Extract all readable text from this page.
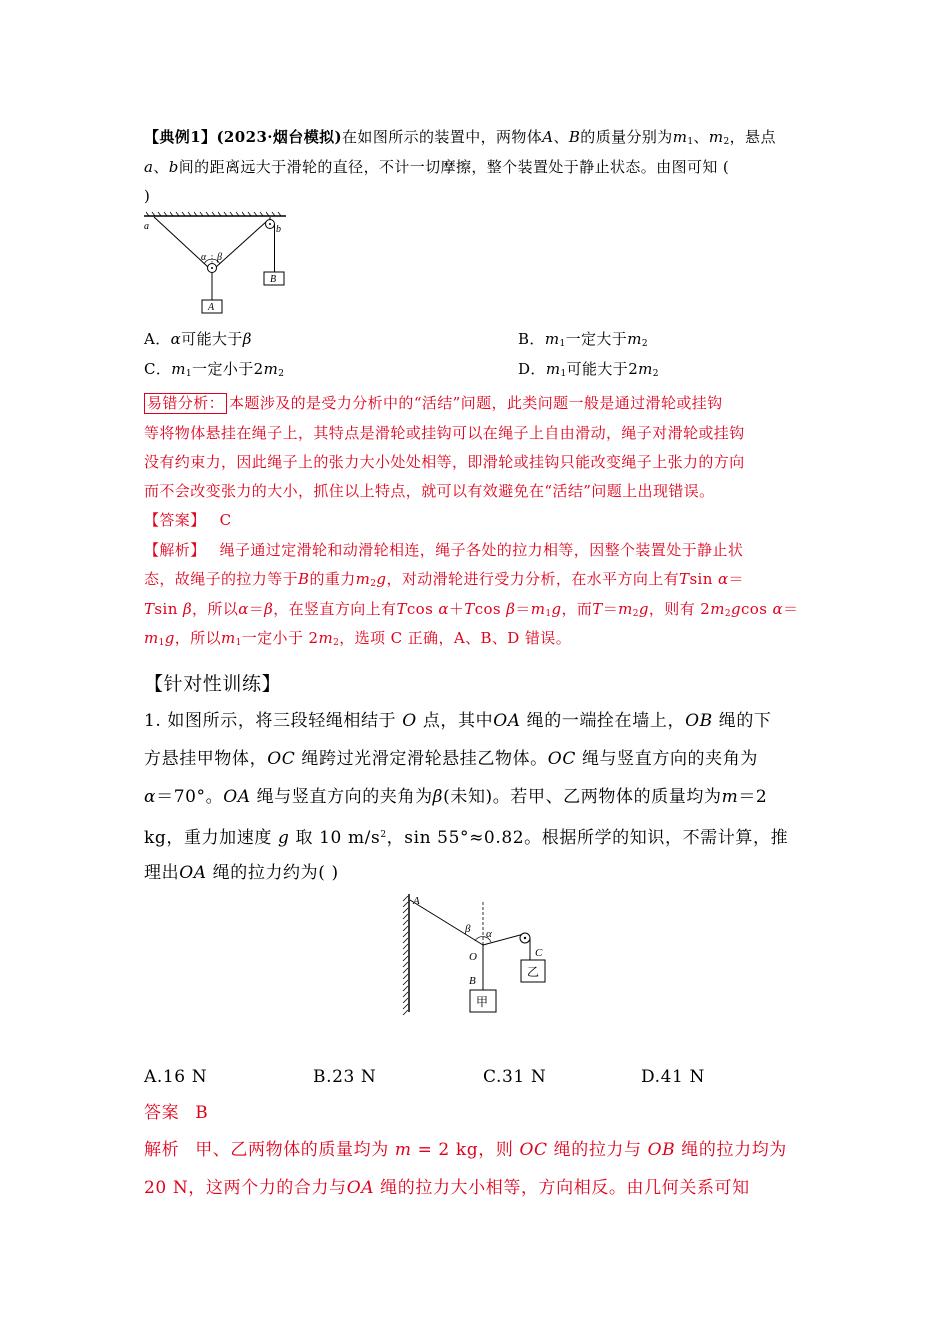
【典例1】(2023·烟台模拟)在如图所示的装置中，两物体A、B的质量分别为$m_1$、$m_2$，悬点
a、b间的距离远大于滑轮的直径，不计一切摩擦，整个装置处于静止状态。由图可知 (
)
a	b
α β
A
B
A．α可能大于β	B．$m_1$一定大于$m_2$
C．$m_1$一定小于$2m_2$	D．$m_1$可能大于$2m_2$
易错分析： 本题涉及的是受力分析中的“活结”问题，此类问题一般是通过滑轮或挂钩
等将物体悬挂在绳子上，其特点是滑轮或挂钩可以在绳子上自由滑动，绳子对滑轮或挂钩
没有约束力，因此绳子上的张力大小处处相等，即滑轮或挂钩只能改变绳子上张力的方向
而不会改变张力的大小，抓住以上特点，就可以有效避免在“活结”问题上出现错误。
【答案】 C
【解析】 绳子通过定滑轮和动滑轮相连，绳子各处的拉力相等，因整个装置处于静止状
态，故绳子的拉力等于B的重力$m_2g$，对动滑轮进行受力分析，在水平方向上有Tsin α＝
Tsin β，所以α＝β，在竖直方向上有Tcos α＋Tcos $\beta=m_1g$，而$T=m_2g$，则有 $2m_2gcos$ α＝
$m_1g$，所以$m_1$一定小于 $2m_2$，选项 C 正确，A、B、D 错误。
【针对性训练】
1. 如图所示，将三段轻绳相结于 O 点，其中OA 绳的一端拴在墙上，OB 绳的下
方悬挂甲物体，OC 绳跨过光滑定滑轮悬挂乙物体。OC 绳与竖直方向的夹角为
α＝70°。OA 绳与竖直方向的夹角为β(未知)。若甲、乙两物体的质量均为m＝2
kg，重力加速度 g 取 10 $m/s^2$，sin 55°≈0.82。根据所学的知识，不需计算，推
理出OA 绳的拉力约为( )
A
β α
O
B
C
甲
乙
A.16 N	B.23 N	C.31 N	D.41 N
答案 B
解析 甲、乙两物体的质量均为 m = 2 kg，则 OC 绳的拉力与 OB 绳的拉力均为
20 N，这两个力的合力与OA 绳的拉力大小相等，方向相反。由几何关系可知
